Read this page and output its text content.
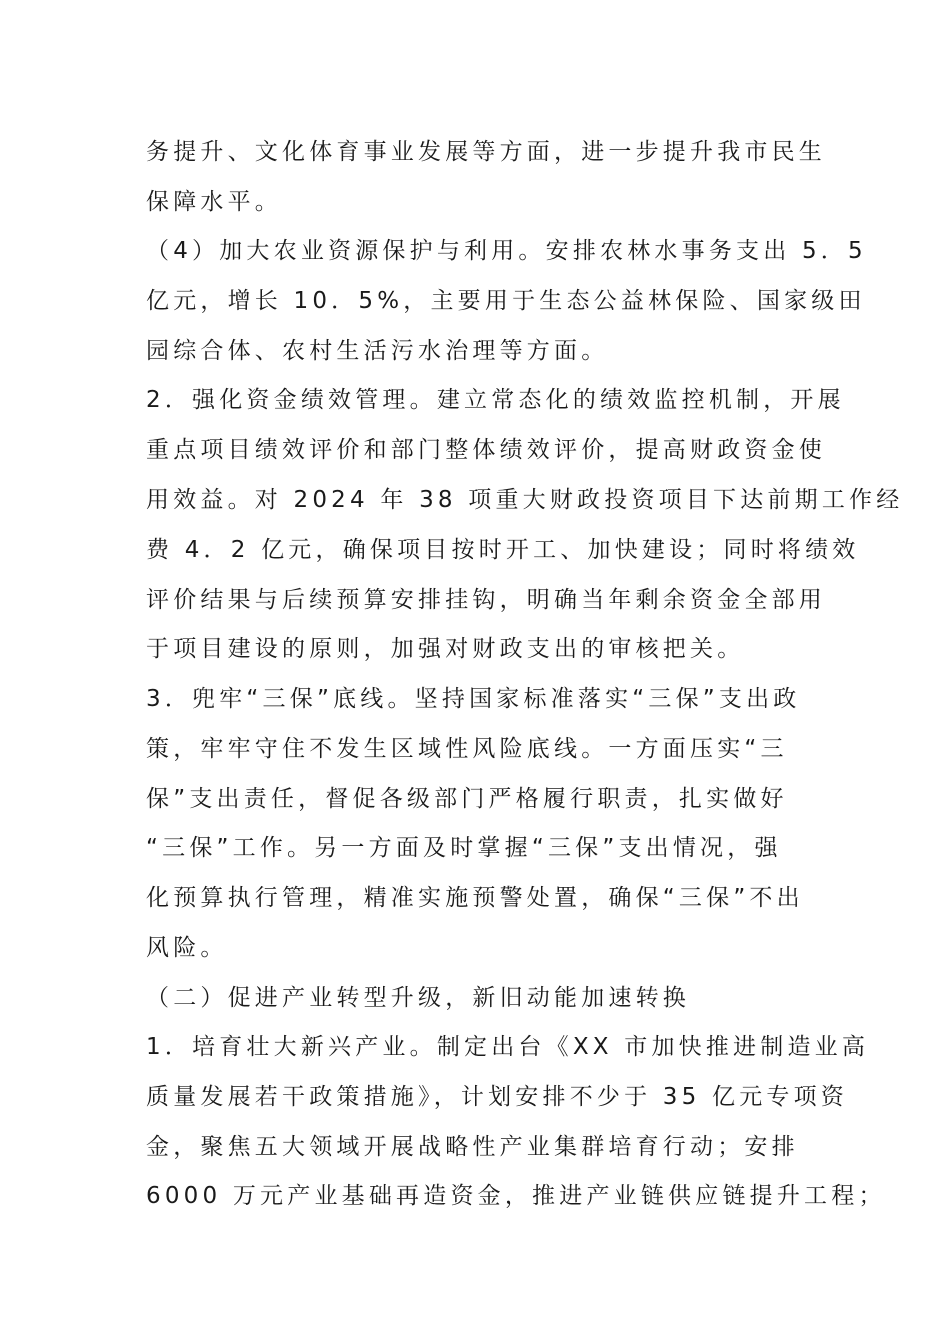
务提升、文化体育事业发展等方面，进一步提升我市民生
保障水平。
（4）加大农业资源保护与利用。安排农林水事务支出 5．5
亿元，增长 10．5%，主要用于生态公益林保险、国家级田
园综合体、农村生活污水治理等方面。
2．强化资金绩效管理。建立常态化的绩效监控机制，开展
重点项目绩效评价和部门整体绩效评价，提高财政资金使
用效益。对 2024 年 38 项重大财政投资项目下达前期工作经
费 4．2 亿元，确保项目按时开工、加快建设；同时将绩效
评价结果与后续预算安排挂钩，明确当年剩余资金全部用
于项目建设的原则，加强对财政支出的审核把关。
3．兜牢“三保”底线。坚持国家标准落实“三保”支出政
策，牢牢守住不发生区域性风险底线。一方面压实“三
保”支出责任，督促各级部门严格履行职责，扎实做好
“三保”工作。另一方面及时掌握“三保”支出情况，强
化预算执行管理，精准实施预警处置，确保“三保”不出
风险。
（二）促进产业转型升级，新旧动能加速转换
1．培育壮大新兴产业。制定出台《XX 市加快推进制造业高
质量发展若干政策措施》，计划安排不少于 35 亿元专项资
金，聚焦五大领域开展战略性产业集群培育行动；安排
6000 万元产业基础再造资金，推进产业链供应链提升工程；
